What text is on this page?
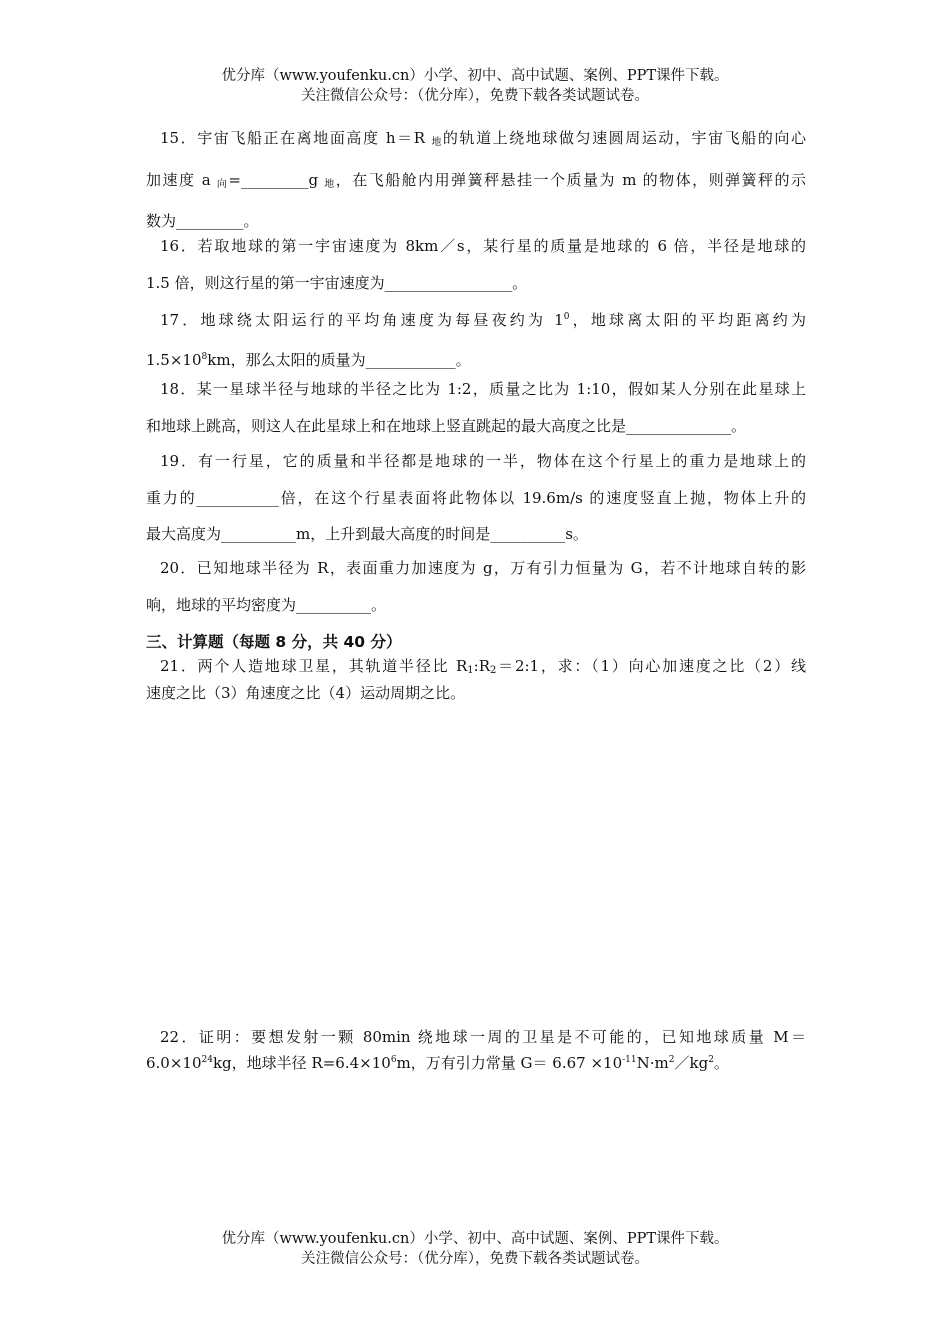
优分库（www.youfenku.cn）小学、初中、高中试题、案例、PPT课件下载。
关注微信公众号：（优分库），免费下载各类试题试卷。
15．宇宙飞船正在离地面高度 h＝R $_地$的轨道上绕地球做匀速圆周运动，宇宙飞船的向心
加速度 a $_向$=_________g $_地$，在飞船舱内用弹簧秤悬挂一个质量为 m 的物体，则弹簧秤的示
数为_________。
16．若取地球的第一宇宙速度为 8km／s，某行星的质量是地球的 6 倍，半径是地球的
1.5 倍，则这行星的第一宇宙速度为_________________。
17．地球绕太阳运行的平均角速度为每昼夜约为 $1^0$，地球离太阳的平均距离约为
$1.5\times 10^8km$，那么太阳的质量为____________。
18．某一星球半径与地球的半径之比为 1:2，质量之比为 1:10，假如某人分别在此星球上
和地球上跳高，则这人在此星球上和在地球上竖直跳起的最大高度之比是______________。
19．有一行星，它的质量和半径都是地球的一半，物体在这个行星上的重力是地球上的
重力的___________倍，在这个行星表面将此物体以 19.6m/s 的速度竖直上抛，物体上升的
最大高度为__________m，上升到最大高度的时间是__________s。
20．已知地球半径为 R，表面重力加速度为 g，万有引力恒量为 G，若不计地球自转的影
响，地球的平均密度为__________。
三、计算题（每题 8 分，共 40 分）
21．两个人造地球卫星，其轨道半径比 $R_1:R_2=2:1$，求：（1）向心加速度之比（2）线
速度之比（3）角速度之比（4）运动周期之比。
22．证明：要想发射一颗 80min 绕地球一周的卫星是不可能的，已知地球质量 M＝
$6.0\times 10^{24}kg$，地球半径 $R=6.4\times 10^6m$，万有引力常量 $G= 6.67 \times 10^{-11}N\cdot m^2/kg^2$。
优分库（www.youfenku.cn）小学、初中、高中试题、案例、PPT课件下载。
关注微信公众号：（优分库），免费下载各类试题试卷。
